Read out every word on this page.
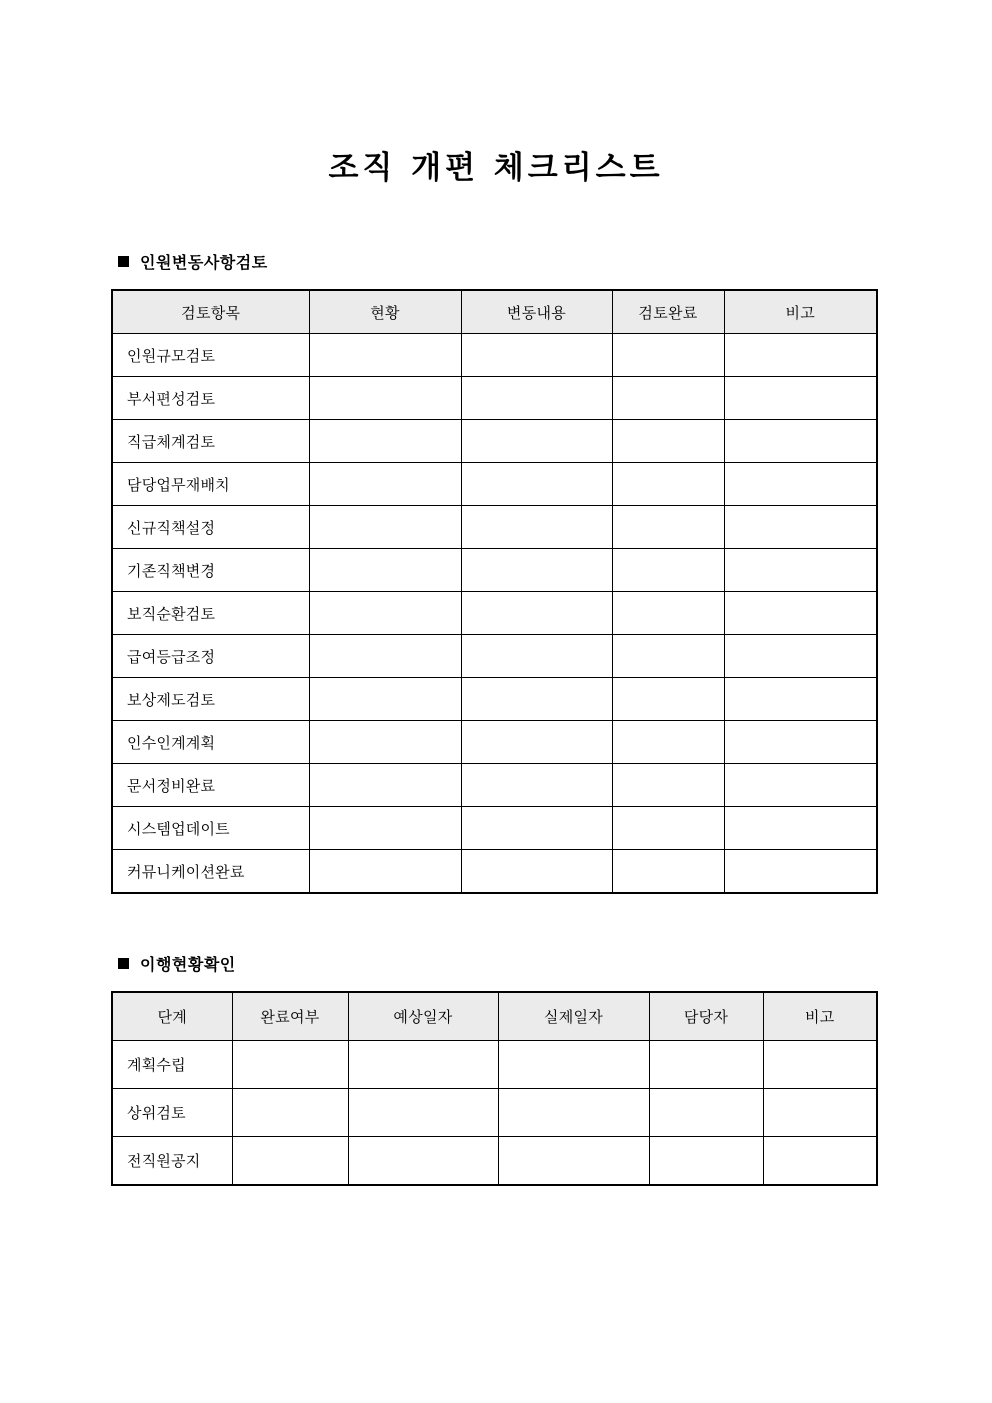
조직 개편 체크리스트
인원변동사항검토
검토항목	현황	변동내용	검토완료	비고
인원규모검토				
부서편성검토				
직급체계검토				
담당업무재배치				
신규직책설정				
기존직책변경				
보직순환검토				
급여등급조정				
보상제도검토				
인수인계계획				
문서정비완료				
시스템업데이트				
커뮤니케이션완료				
이행현황확인
단계	완료여부	예상일자	실제일자	담당자	비고
계획수립					
상위검토					
전직원공지					
